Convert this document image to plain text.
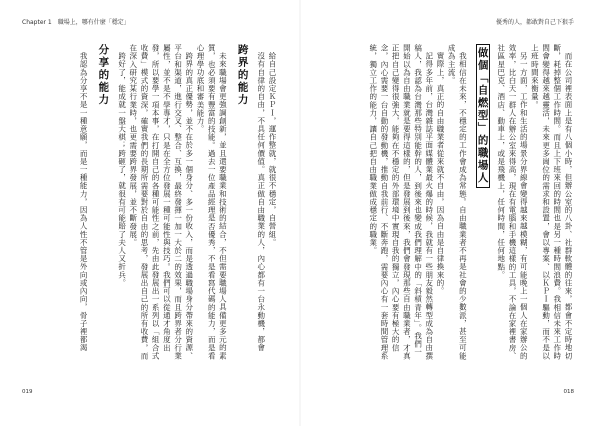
Chapter 1　職場上，哪有什麼「穩定」

給自己設定ＫＰＩ，運作整就，就很不穩定，自營組。

沒有自律的自由，不具任何價值。真正做自由職業的人，內心都有一台永動機，都會

跨界的能力

未來職場會更強調創新，並且還要職業和技術的結合，不但需要職場人具備更多元的素質，也必須要有豐富的技能。過去一位產品經理是否優秀，不是看寫代碼的能力，而是看心理學功底和審美能力。

跨界的真正優勢，並不在於多一個身分、多一份收入，而是透過職場身分帶來的資源、平台和渠道，進行交叉、整合、互換，最終發揮一加一大於二的效果，而且跨界者分行業屬性，並不是不學專才，只是在全方位發展一種可能性與技巧。我們可以從通才角度出發，所以要學一項本事，在打開自己的各種可能性之前，先由此發展出一系列以「組合式收費」模式的資深，確實我們的長期所需要對於自由的思考，發展出自己的所有收費，而在深入研究某行業時，也更需要跨界發展，並不斷發展。

跨好了，能成就一盤大棋；跨砸了，就很有可能賠了夫人又折兵。

分享的能力

我認為分享不是一種意願，而是一種能力，因為人性不管是外向或內向，骨子裡都渴

019
優秀的人，都敢對自己下狠手

而在公司裡表面上是有八個小時，但辦公室的八卦、社群軟體的往來，都會不定時地切斷，耗掉整個工作時間。而且上下班來回的時間也是另一種時間浪費。我相信未來工作時間會變得越來越靈活，未來更多崗位的需求和設置，會以專案、以ＫＰＩ驅動，而不是以上班時間來衡量。

另一方面，工作和生活的場景分界線會變得越來越模糊，有可能晚上一個人在家辦公的效率，比白天一群人在辦公室來得高，現在有電腦和手機這樣的工具，不論在家裡書房、社區星巴克、酒店、動車上，或是飛機上，任何時間，任何地點。

做個「自燃型」的職場人

我相信在未來，不穩定的工作會成為常態。自由職業者不再是社會的少數派，甚至可能成為主流。

實際上，真正的自由職業者從來就不自由，因為自由是自律換來的。

記得多年前，台灣雜誌平面媒體業最火爆的時候，我就有一些朋友毅然轉型成為自由撰稿人，我認為台灣那些特別能幹的人，到後來也變成我們理解中的「斜槓青年」。我們一開始以為自由職業就是要得這樣的，但是發展到後來，我們會發現那些自由職業者，才真正把自己變得很強大，能夠在不穩定的外部環境中實現自我的獨立，內心要有極大的信念，內心需要一台自動的發動機，推動自我前行、不斷奔跑，需要內心有一套時間管理系統，獨立工作的能力，讓自己把自由職業做成穩定的職業。

018
